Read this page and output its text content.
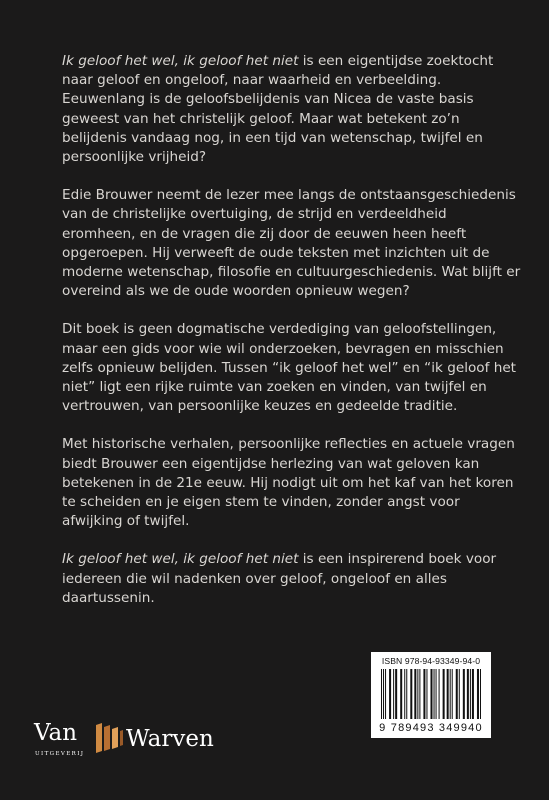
Ik geloof het wel, ik geloof het niet is een eigentijdse zoektocht naar geloof en ongeloof, naar waarheid en verbeelding. Eeuwenlang is de geloofsbelijdenis van Nicea de vaste basis geweest van het christelijk geloof. Maar wat betekent zo’n belijdenis vandaag nog, in een tijd van wetenschap, twijfel en persoonlijke vrijheid?

Edie Brouwer neemt de lezer mee langs de ontstaansgeschiedenis van de christelijke overtuiging, de strijd en verdeeldheid eromheen, en de vragen die zij door de eeuwen heen heeft opgeroepen. Hij verweeft de oude teksten met inzichten uit de moderne wetenschap, filosofie en cultuurgeschiedenis. Wat blijft er overeind als we de oude woorden opnieuw wegen?

Dit boek is geen dogmatische verdediging van geloofstellingen, maar een gids voor wie wil onderzoeken, bevragen en misschien zelfs opnieuw belijden. Tussen “ik geloof het wel” en “ik geloof het niet” ligt een rijke ruimte van zoeken en vinden, van twijfel en vertrouwen, van persoonlijke keuzes en gedeelde traditie.

Met historische verhalen, persoonlijke reflecties en actuele vragen biedt Brouwer een eigentijdse herlezing van wat geloven kan betekenen in de 21e eeuw. Hij nodigt uit om het kaf van het koren te scheiden en je eigen stem te vinden, zonder angst voor afwijking of twijfel.

Ik geloof het wel, ik geloof het niet is een inspirerend boek voor iedereen die wil nadenken over geloof, ongeloof en alles daartussenin.

ISBN 978-94-93349-94-0
9 789493 349940
Van Warven
UITGEVERIJ
